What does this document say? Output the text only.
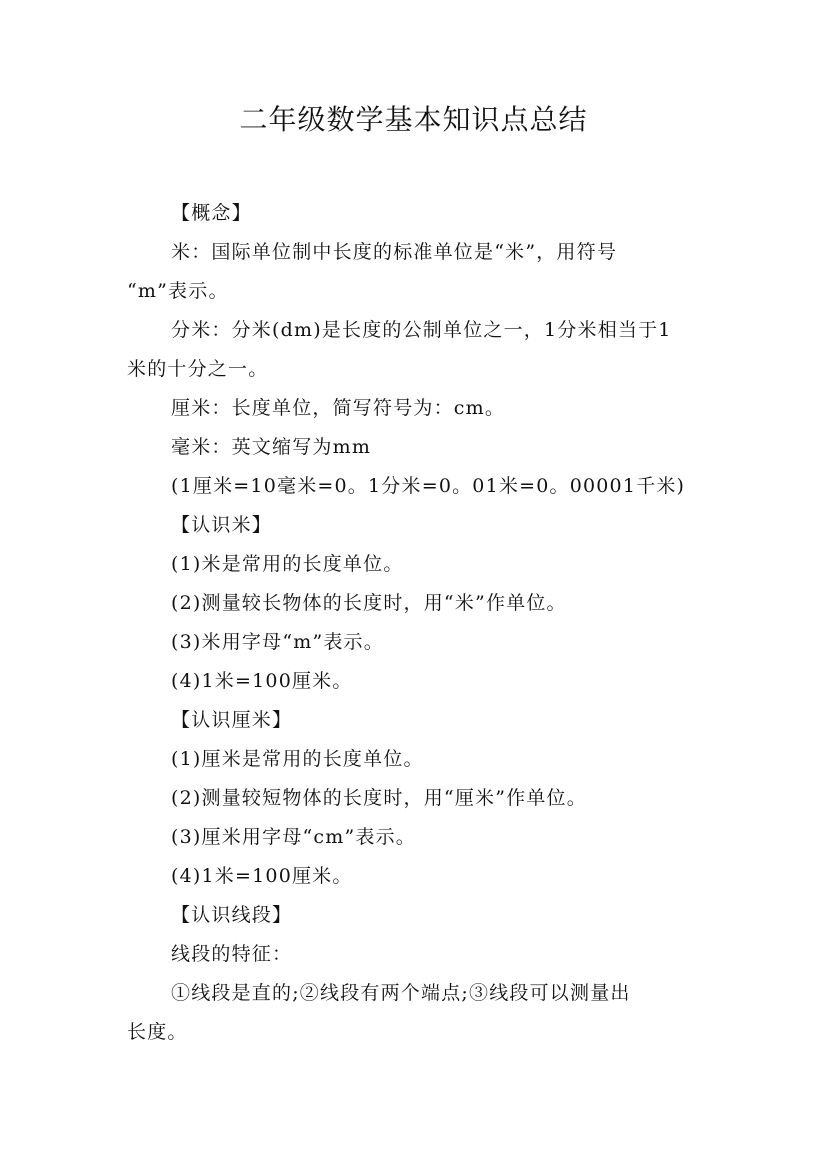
二年级数学基本知识点总结

【概念】

米：国际单位制中长度的标准单位是“米”，用符号

“m”表示。

分米：分米(dm)是长度的公制单位之一，1分米相当于1

米的十分之一。

厘米：长度单位，简写符号为：cm。

毫米：英文缩写为mm

(1厘米=10毫米=0。1分米=0。01米=0。00001千米)

【认识米】

(1)米是常用的长度单位。

(2)测量较长物体的长度时，用“米”作单位。

(3)米用字母“m”表示。

(4)1米=100厘米。

【认识厘米】

(1)厘米是常用的长度单位。

(2)测量较短物体的长度时，用“厘米”作单位。

(3)厘米用字母“cm”表示。

(4)1米=100厘米。

【认识线段】

线段的特征：

①线段是直的;②线段有两个端点;③线段可以测量出

长度。
